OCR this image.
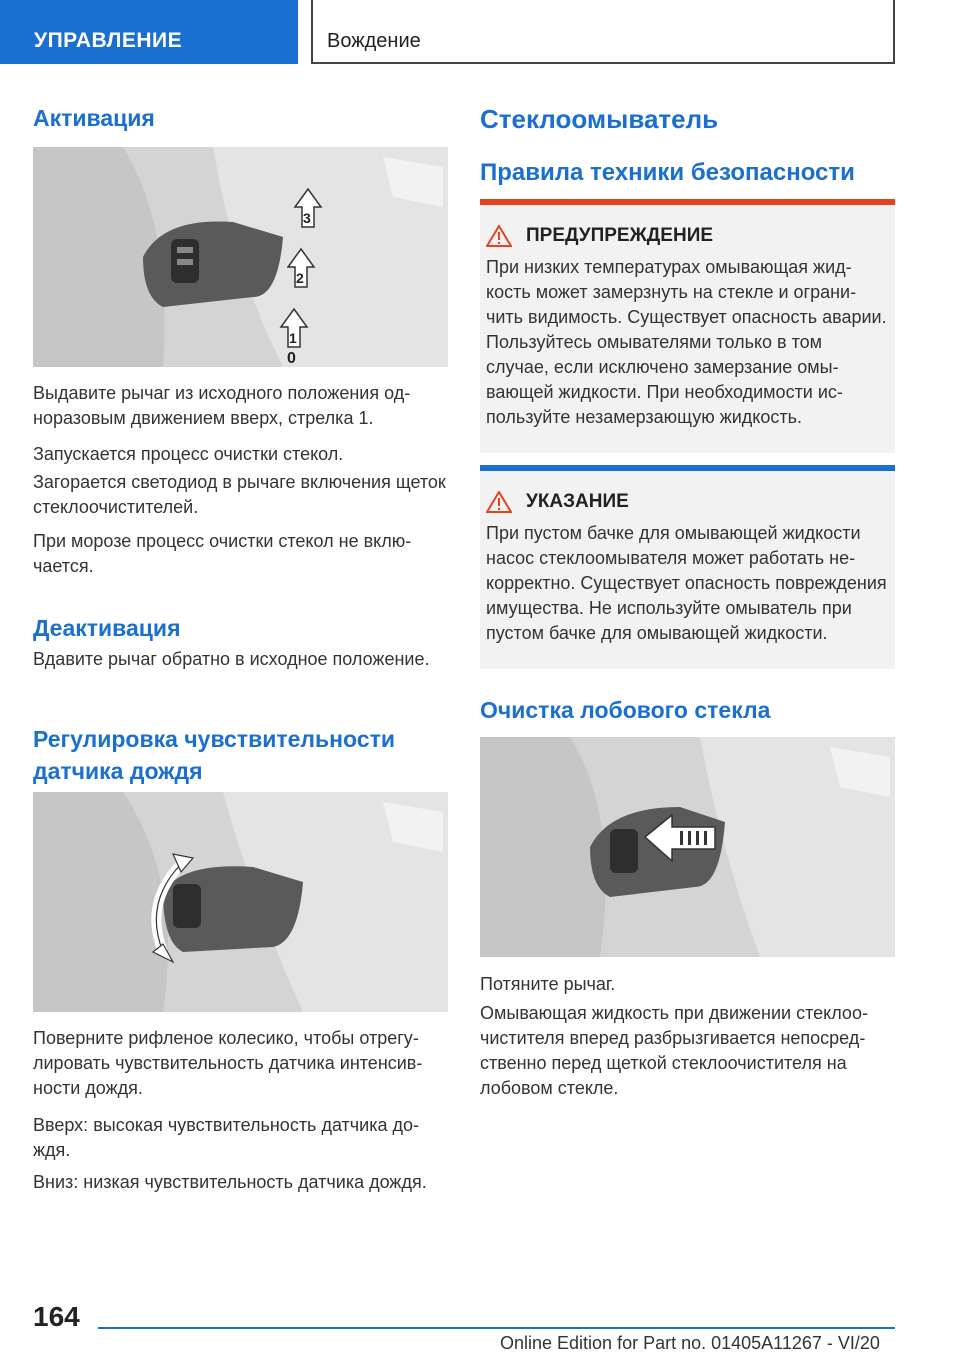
УПРАВЛЕНИЕ	Вождение
Активация
3
2
1
0

Выдавите рычаг из исходного положения одноразовым движением вверх, стрелка 1.

Запускается процесс очистки стекол.

Загорается светодиод в рычаге включения щеток стеклоочистителей.

При морозе процесс очистки стекол не включается.

Деактивация

Вдавите рычаг обратно в исходное положение.

Регулировка чувствительности датчика дождя

Поверните рифленое колесико, чтобы отрегулировать чувствительность датчика интенсивности дождя.

Вверх: высокая чувствительность датчика дождя.

Вниз: низкая чувствительность датчика дождя.

Стеклоомыватель
Правила техники безопасности
ПРЕДУПРЕЖДЕНИЕ
При низких температурах омывающая жидкость может замерзнуть на стекле и ограничить видимость. Существует опасность аварии. Пользуйтесь омывателями только в том случае, если исключено замерзание омывающей жидкости. При необходимости используйте незамерзающую жидкость.
УКАЗАНИЕ
При пустом бачке для омывающей жидкости насос стеклоомывателя может работать некорректно. Существует опасность повреждения имущества. Не используйте омыватель при пустом бачке для омывающей жидкости.
Очистка лобового стекла

Потяните рычаг.

Омывающая жидкость при движении стеклоочистителя вперед разбрызгивается непосредственно перед щеткой стеклоочистителя на лобовом стекле.

164
Online Edition for Part no. 01405A11267 - VI/20
